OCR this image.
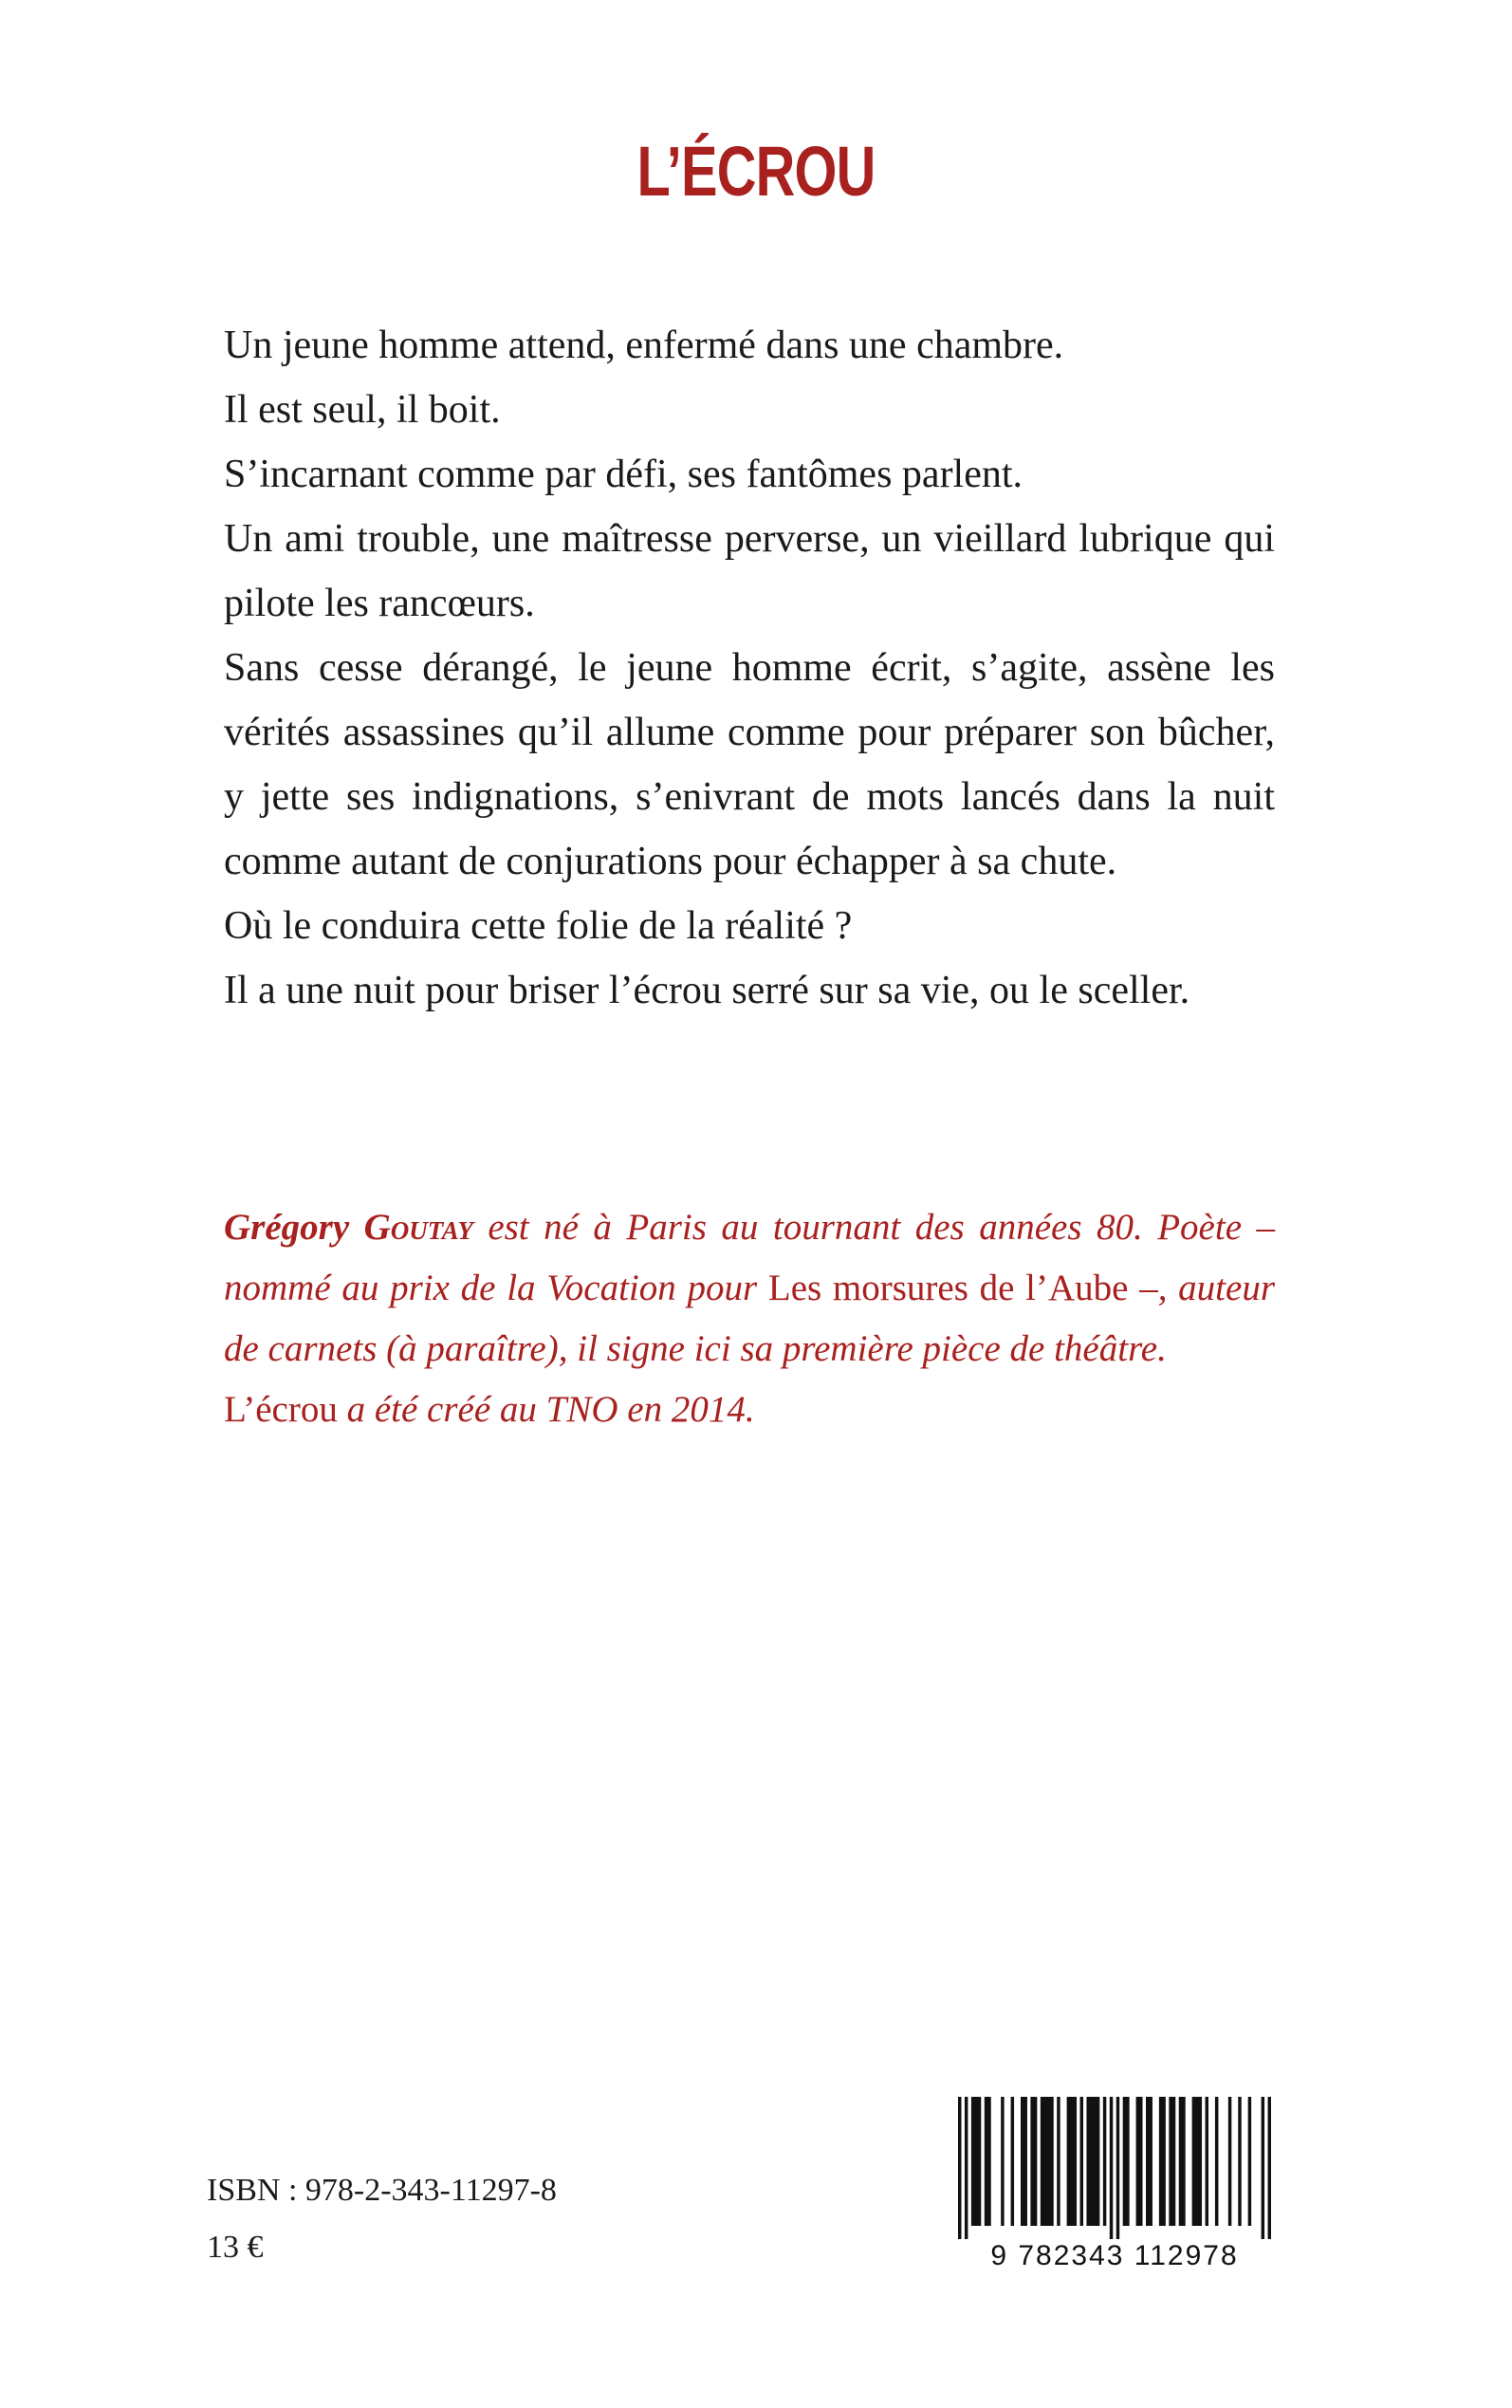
L’ÉCROU

Un jeune homme attend, enfermé dans une chambre.

Il est seul, il boit.

S’incarnant comme par défi, ses fantômes parlent.

Un ami trouble, une maîtresse perverse, un vieillard lubrique qui pilote les rancœurs.

Sans cesse dérangé, le jeune homme écrit, s’agite, assène les vérités assassines qu’il allume comme pour préparer son bûcher, y jette ses indignations, s’enivrant de mots lancés dans la nuit comme autant de conjurations pour échapper à sa chute.

Où le conduira cette folie de la réalité ?

Il a une nuit pour briser l’écrou serré sur sa vie, ou le sceller.

Grégory Goutay est né à Paris au tournant des années 80. Poète – nommé au prix de la Vocation pour Les morsures de l’Aube –, auteur de carnets (à paraître), il signe ici sa première pièce de théâtre.

L’écrou a été créé au TNO en 2014.

ISBN : 978-2-343-11297-8
13 €	9 782343 112978
